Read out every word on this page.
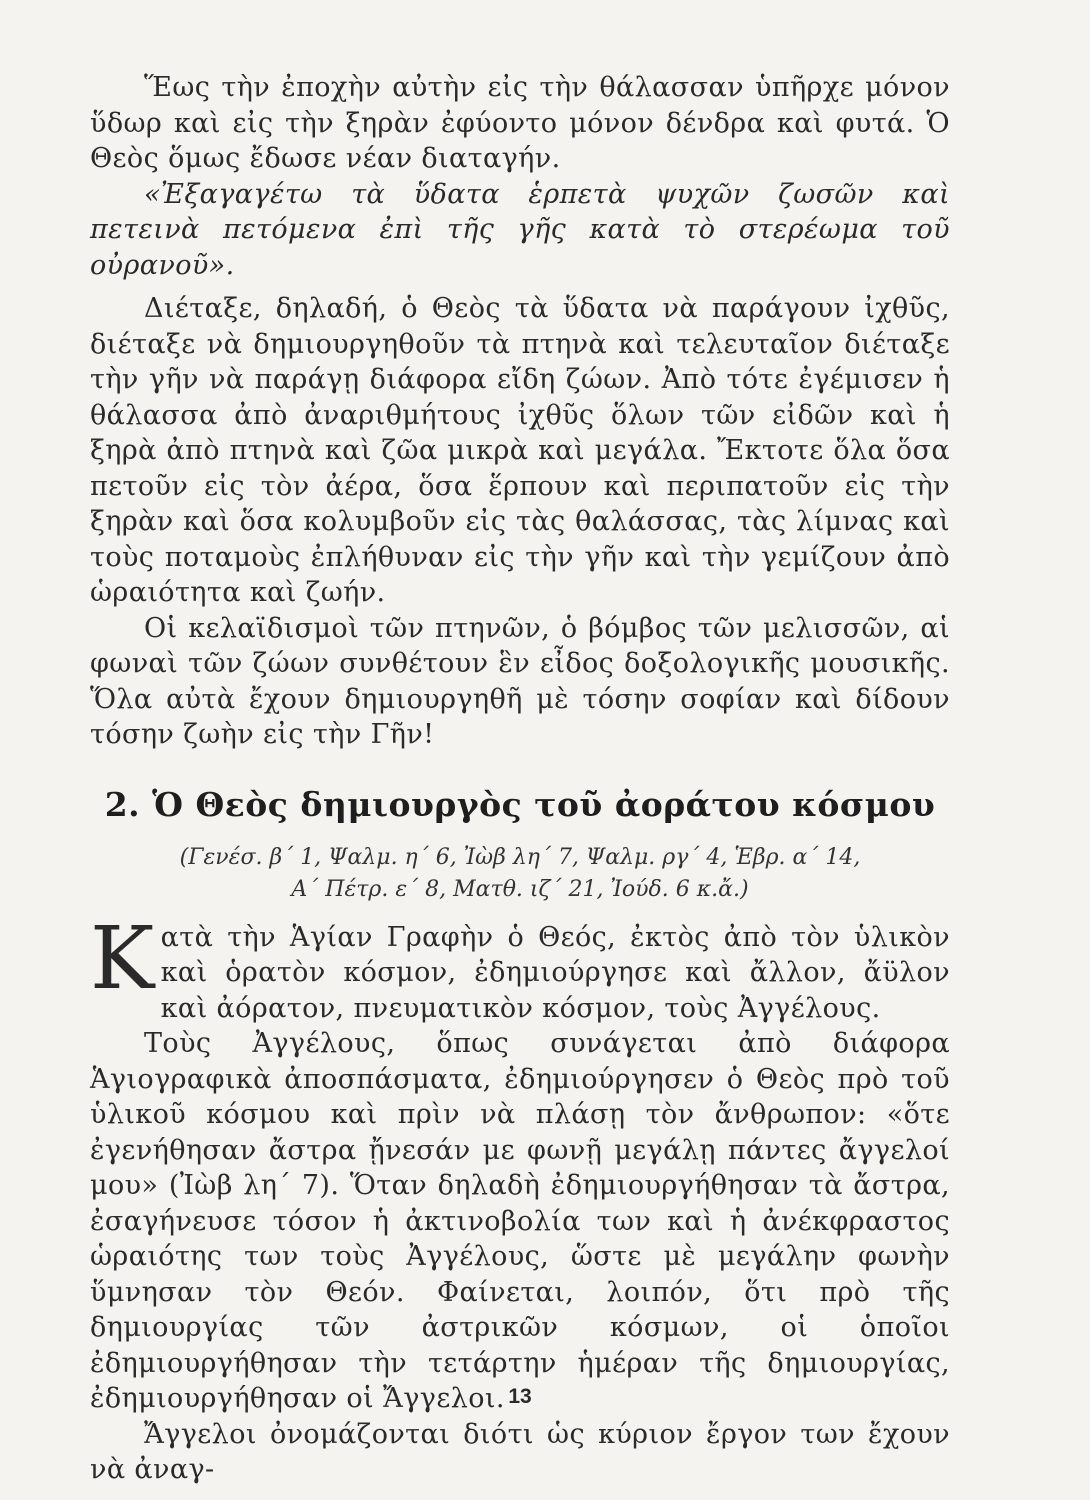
Ἕως τὴν ἐποχὴν αὐτὴν εἰς τὴν θάλασσαν ὑπῆρχε μόνον ὕδωρ καὶ εἰς τὴν ξηρὰν ἐφύοντο μόνον δένδρα καὶ φυτά. Ὁ Θεὸς ὅμως ἔδωσε νέαν διαταγήν.

«Ἐξαγαγέτω τὰ ὕδατα ἑρπετὰ ψυχῶν ζωσῶν καὶ πετεινὰ πετόμενα ἐπὶ τῆς γῆς κατὰ τὸ στερέωμα τοῦ οὐρανοῦ».

Διέταξε, δηλαδή, ὁ Θεὸς τὰ ὕδατα νὰ παράγουν ἰχθῦς, διέταξε νὰ δημιουργηθοῦν τὰ πτηνὰ καὶ τελευταῖον διέταξε τὴν γῆν νὰ παράγῃ διάφορα εἴδη ζώων. Ἀπὸ τότε ἐγέμισεν ἡ θάλασσα ἀπὸ ἀναριθμήτους ἰχθῦς ὅλων τῶν εἰδῶν καὶ ἡ ξηρὰ ἀπὸ πτηνὰ καὶ ζῶα μικρὰ καὶ μεγάλα. Ἔκτοτε ὅλα ὅσα πετοῦν εἰς τὸν ἀέρα, ὅσα ἕρπουν καὶ περιπατοῦν εἰς τὴν ξηρὰν καὶ ὅσα κολυμβοῦν εἰς τὰς θαλάσσας, τὰς λίμνας καὶ τοὺς ποταμοὺς ἐπλήθυναν εἰς τὴν γῆν καὶ τὴν γεμίζουν ἀπὸ ὡραιότητα καὶ ζωήν.

Οἱ κελαϊδισμοὶ τῶν πτηνῶν, ὁ βόμβος τῶν μελισσῶν, αἱ φωναὶ τῶν ζώων συνθέτουν ἓν εἶδος δοξολογικῆς μουσικῆς. Ὅλα αὐτὰ ἔχουν δημιουργηθῆ μὲ τόσην σοφίαν καὶ δίδουν τόσην ζωὴν εἰς τὴν Γῆν!

2. Ὁ Θεὸς δημιουργὸς τοῦ ἀοράτου κόσμου
(Γενέσ. β΄ 1, Ψαλμ. η΄ 6, Ἰὼβ λη΄ 7, Ψαλμ. ργ΄ 4, Ἑβρ. α΄ 14,
Α΄ Πέτρ. ε΄ 8, Ματθ. ιζ΄ 21, Ἰούδ. 6 κ.ἄ.)

Κατὰ τὴν Ἁγίαν Γραφὴν ὁ Θεός, ἐκτὸς ἀπὸ τὸν ὑλικὸν καὶ ὁρατὸν κόσμον, ἐδημιούργησε καὶ ἄλλον, ἄϋλον καὶ ἀόρατον, πνευματικὸν κόσμον, τοὺς Ἀγγέλους.

Τοὺς Ἀγγέλους, ὅπως συνάγεται ἀπὸ διάφορα Ἁγιογραφικὰ ἀποσπάσματα, ἐδημιούργησεν ὁ Θεὸς πρὸ τοῦ ὑλικοῦ κόσμου καὶ πρὶν νὰ πλάσῃ τὸν ἄνθρωπον: «ὅτε ἐγενήθησαν ἄστρα ᾔνεσάν με φωνῇ μεγάλῃ πάντες ἄγγελοί μου» (Ἰὼβ λη΄ 7). Ὅταν δηλαδὴ ἐδημιουργήθησαν τὰ ἄστρα, ἐσαγήνευσε τόσον ἡ ἀκτινοβολία των καὶ ἡ ἀνέκφραστος ὡραιότης των τοὺς Ἀγγέλους, ὥστε μὲ μεγάλην φωνὴν ὕμνησαν τὸν Θεόν. Φαίνεται, λοιπόν, ὅτι πρὸ τῆς δημιουργίας τῶν ἀστρικῶν κόσμων, οἱ ὁποῖοι ἐδημιουργήθησαν τὴν τετάρτην ἡμέραν τῆς δημιουργίας, ἐδημιουργήθησαν οἱ Ἄγγελοι.

Ἄγγελοι ὀνομάζονται διότι ὡς κύριον ἔργον των ἔχουν νὰ ἀναγ-

13
